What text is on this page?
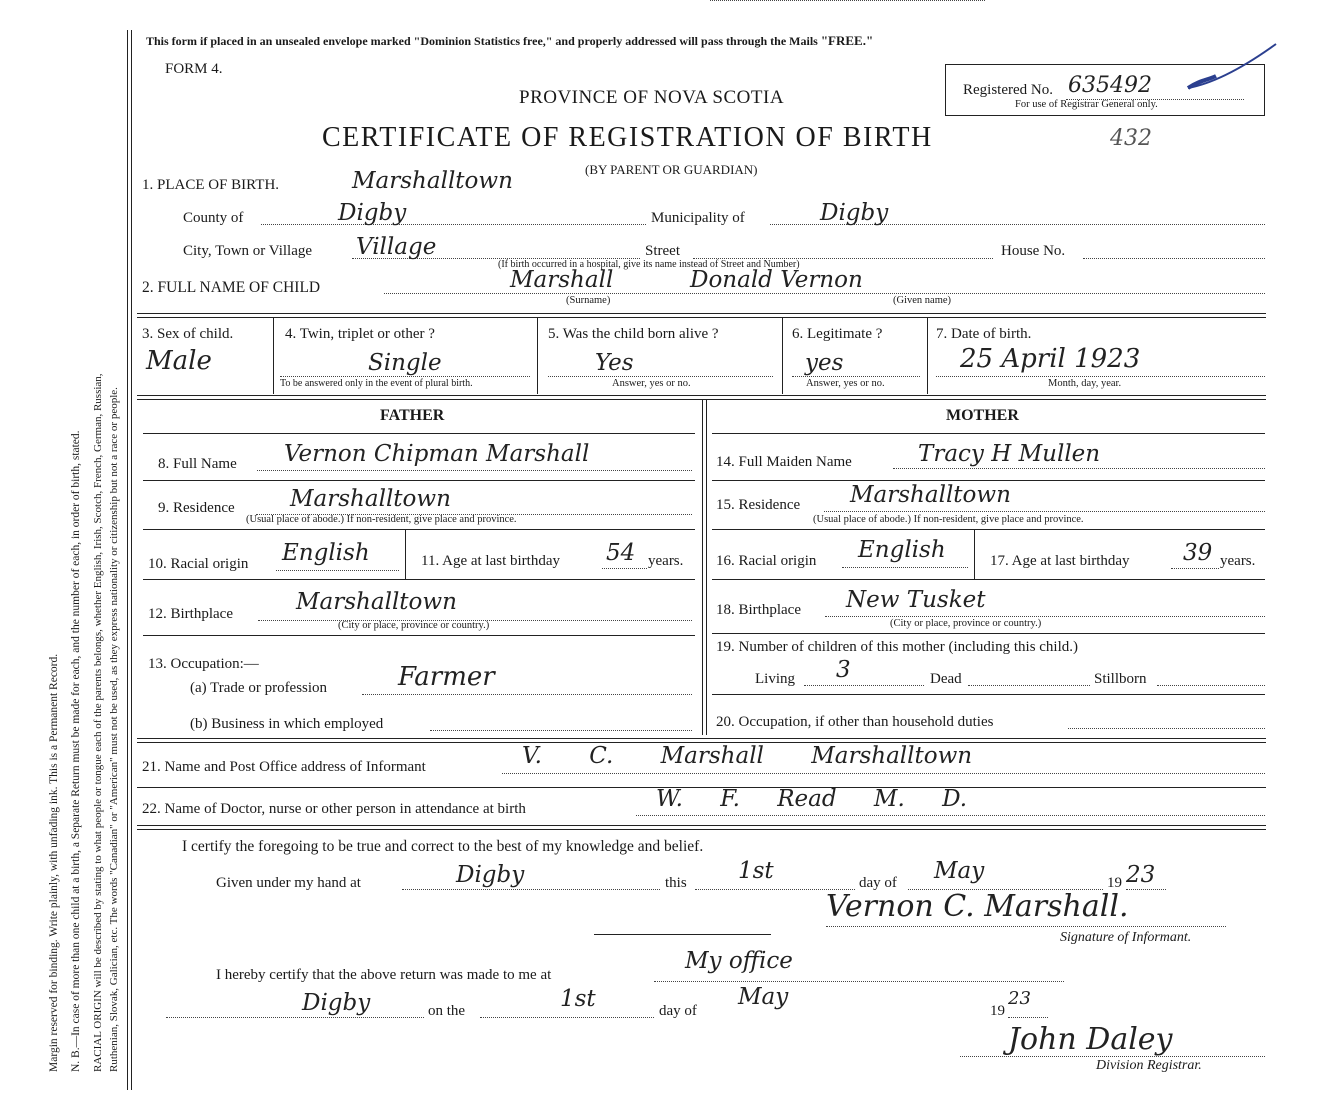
Margin reserved for binding. Write plainly, with unfading ink. This is a Permanent Record. N. B.—In case of more than one child at a birth, a Separate Return must be made for each, and the number of each, in order of birth, stated. RACIAL ORIGIN will be described by stating to what people or tongue each of the parents belongs, whether English, Irish, Scotch, French, German, Russian, Ruthenian, Slovak, Galician, etc. The words "Canadian" or "American" must not be used, as they express nationality or citizenship but not a race or people.
This form if placed in an unsealed envelope marked "Dominion Statistics free," and properly addressed will pass through the Mails "FREE."
FORM 4.
PROVINCE OF NOVA SCOTIA
CERTIFICATE OF REGISTRATION OF BIRTH	432
(BY PARENT OR GUARDIAN)
Registered No. 635492
For use of Registrar General only.
1. PLACE OF BIRTH.	Marshalltown
County of	Digby	Municipality of	Digby
City, Town or Village Village	Street	House No.
(If birth occurred in a hospital, give its name instead of Street and Number)
2. FULL NAME OF CHILD	Marshall	Donald Vernon
(Surname)	(Given name)
3. Sex of child.
Male
4. Twin, triplet or other ?
Single
To be answered only in the event of plural birth.
5. Was the child born alive ?
Yes
Answer, yes or no.
6. Legitimate ?
yes
Answer, yes or no.
7. Date of birth.
25 April 1923
Month, day, year.
FATHER	MOTHER
8. Full Name Vernon Chipman Marshall
9. Residence Marshalltown
(Usual place of abode.) If non-resident, give place and province.
10. Racial origin English	11. Age at last birthday 54 years.
12. Birthplace	Marshalltown
(City or place, province or country.)
13. Occupation:—
(a) Trade or profession	Farmer
(b) Business in which employed
14. Full Maiden Name	Tracy H Mullen
15. Residence Marshalltown
(Usual place of abode.) If non-resident, give place and province.
16. Racial origin English	17. Age at last birthday 39 years.
18. Birthplace New Tusket
(City or place, province or country.)
19. Number of children of this mother (including this child.)
Living 3	Dead	Stillborn
20. Occupation, if other than household duties
21. Name and Post Office address of Informant	V. C. Marshall Marshalltown
22. Name of Doctor, nurse or other person in attendance at birth	W. F. Read M. D.
I certify the foregoing to be true and correct to the best of my knowledge and belief.
Given under my hand at	Digby	this 1st	day of May	19 23
Vernon C. Marshall.
Signature of Informant.
I hereby certify that the above return was made to me at
My office
Digby	on the	1st	day of
May
19
23
John Daley
Division Registrar.
